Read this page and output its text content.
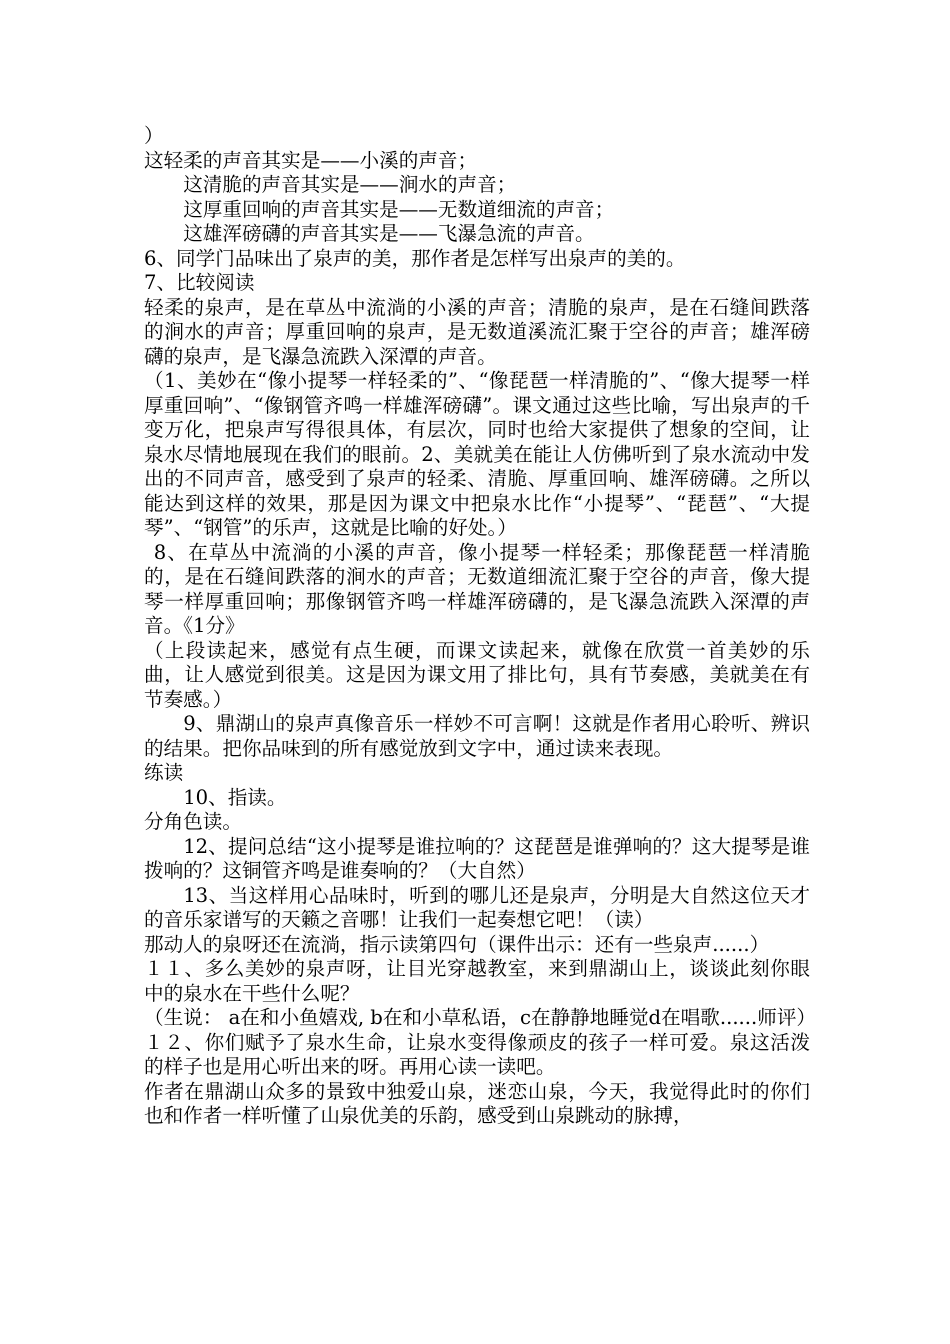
）

这轻柔的声音其实是——小溪的声音；

这清脆的声音其实是——涧水的声音；

这厚重回响的声音其实是——无数道细流的声音；

这雄浑磅礴的声音其实是——飞瀑急流的声音。

6、同学门品味出了泉声的美，那作者是怎样写出泉声的美的。

7、比较阅读

轻柔的泉声，是在草丛中流淌的小溪的声音；清脆的泉声，是在石缝间跌落的涧水的声音；厚重回响的泉声，是无数道溪流汇聚于空谷的声音；雄浑磅礴的泉声，是飞瀑急流跌入深潭的声音。

（1、美妙在“像小提琴一样轻柔的”、“像琵琶一样清脆的”、“像大提琴一样厚重回响”、“像钢管齐鸣一样雄浑磅礴”。课文通过这些比喻，写出泉声的千变万化，把泉声写得很具体，有层次，同时也给大家提供了想象的空间，让泉水尽情地展现在我们的眼前。2、美就美在能让人仿佛听到了泉水流动中发出的不同声音，感受到了泉声的轻柔、清脆、厚重回响、雄浑磅礴。之所以能达到这样的效果，那是因为课文中把泉水比作“小提琴”、“琵琶”、“大提琴”、“钢管”的乐声，这就是比喻的好处。）

8、在草丛中流淌的小溪的声音，像小提琴一样轻柔；那像琵琶一样清脆的，是在石缝间跌落的涧水的声音；无数道细流汇聚于空谷的声音，像大提琴一样厚重回响；那像钢管齐鸣一样雄浑磅礴的，是飞瀑急流跌入深潭的声音。《1分》

（上段读起来，感觉有点生硬，而课文读起来，就像在欣赏一首美妙的乐曲，让人感觉到很美。这是因为课文用了排比句，具有节奏感，美就美在有节奏感。）

9、鼎湖山的泉声真像音乐一样妙不可言啊！这就是作者用心聆听、辨识的结果。把你品味到的所有感觉放到文字中，通过读来表现。

练读

10、指读。

分角色读。

12、提问总结“这小提琴是谁拉响的？这琵琶是谁弹响的？这大提琴是谁拨响的？这铜管齐鸣是谁奏响的？（大自然）

13、当这样用心品味时，听到的哪儿还是泉声，分明是大自然这位天才的音乐家谱写的天籁之音哪！让我们一起奏想它吧！（读）

那动人的泉呀还在流淌，指示读第四句（课件出示：还有一些泉声......）

１１、多么美妙的泉声呀，让目光穿越教室，来到鼎湖山上，谈谈此刻你眼中的泉水在干些什么呢？

（生说： a在和小鱼嬉戏, b在和小草私语，c在静静地睡觉d在唱歌......师评）

１２、你们赋予了泉水生命，让泉水变得像顽皮的孩子一样可爱。泉这活泼的样子也是用心听出来的呀。再用心读一读吧。

作者在鼎湖山众多的景致中独爱山泉，迷恋山泉，今天，我觉得此时的你们也和作者一样听懂了山泉优美的乐韵，感受到山泉跳动的脉搏，
